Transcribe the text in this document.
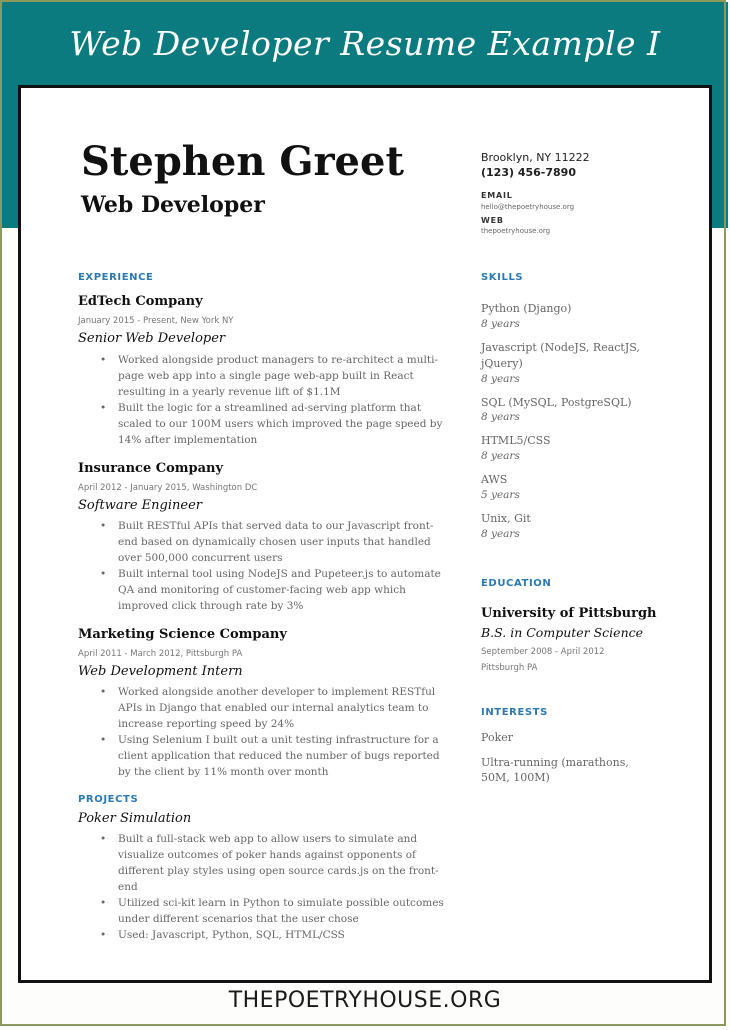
Web Developer Resume Example I
Stephen Greet
Web Developer
Brooklyn, NY 11222
(123) 456-7890
EMAIL
hello@thepoetryhouse.org
WEB
thepoetryhouse.org
EXPERIENCE
EdTech Company
January 2015 - Present, New York NY
Senior Web Developer
• Worked alongside product managers to re-architect a multi-page web app into a single page web-app built in React resulting in a yearly revenue lift of $1.1M
• Built the logic for a streamlined ad-serving platform that scaled to our 100M users which improved the page speed by 14% after implementation
Insurance Company
April 2012 - January 2015, Washington DC
Software Engineer
• Built RESTful APIs that served data to our Javascript front-end based on dynamically chosen user inputs that handled over 500,000 concurrent users
• Built internal tool using NodeJS and Pupeteer.js to automate QA and monitoring of customer-facing web app which improved click through rate by 3%
Marketing Science Company
April 2011 - March 2012, Pittsburgh PA
Web Development Intern
• Worked alongside another developer to implement RESTful APIs in Django that enabled our internal analytics team to increase reporting speed by 24%
• Using Selenium I built out a unit testing infrastructure for a client application that reduced the number of bugs reported by the client by 11% month over month
PROJECTS
Poker Simulation
• Built a full-stack web app to allow users to simulate and visualize outcomes of poker hands against opponents of different play styles using open source cards.js on the front-end
• Utilized sci-kit learn in Python to simulate possible outcomes under different scenarios that the user chose
• Used: Javascript, Python, SQL, HTML/CSS
SKILLS
Python (Django)
8 years
Javascript (NodeJS, ReactJS, jQuery)
8 years
SQL (MySQL, PostgreSQL)
8 years
HTML5/CSS
8 years
AWS
5 years
Unix, Git
8 years
EDUCATION
University of Pittsburgh
B.S. in Computer Science
September 2008 - April 2012
Pittsburgh PA
INTERESTS
Poker
Ultra-running (marathons, 50M, 100M)
THEPOETRYHOUSE.ORG
